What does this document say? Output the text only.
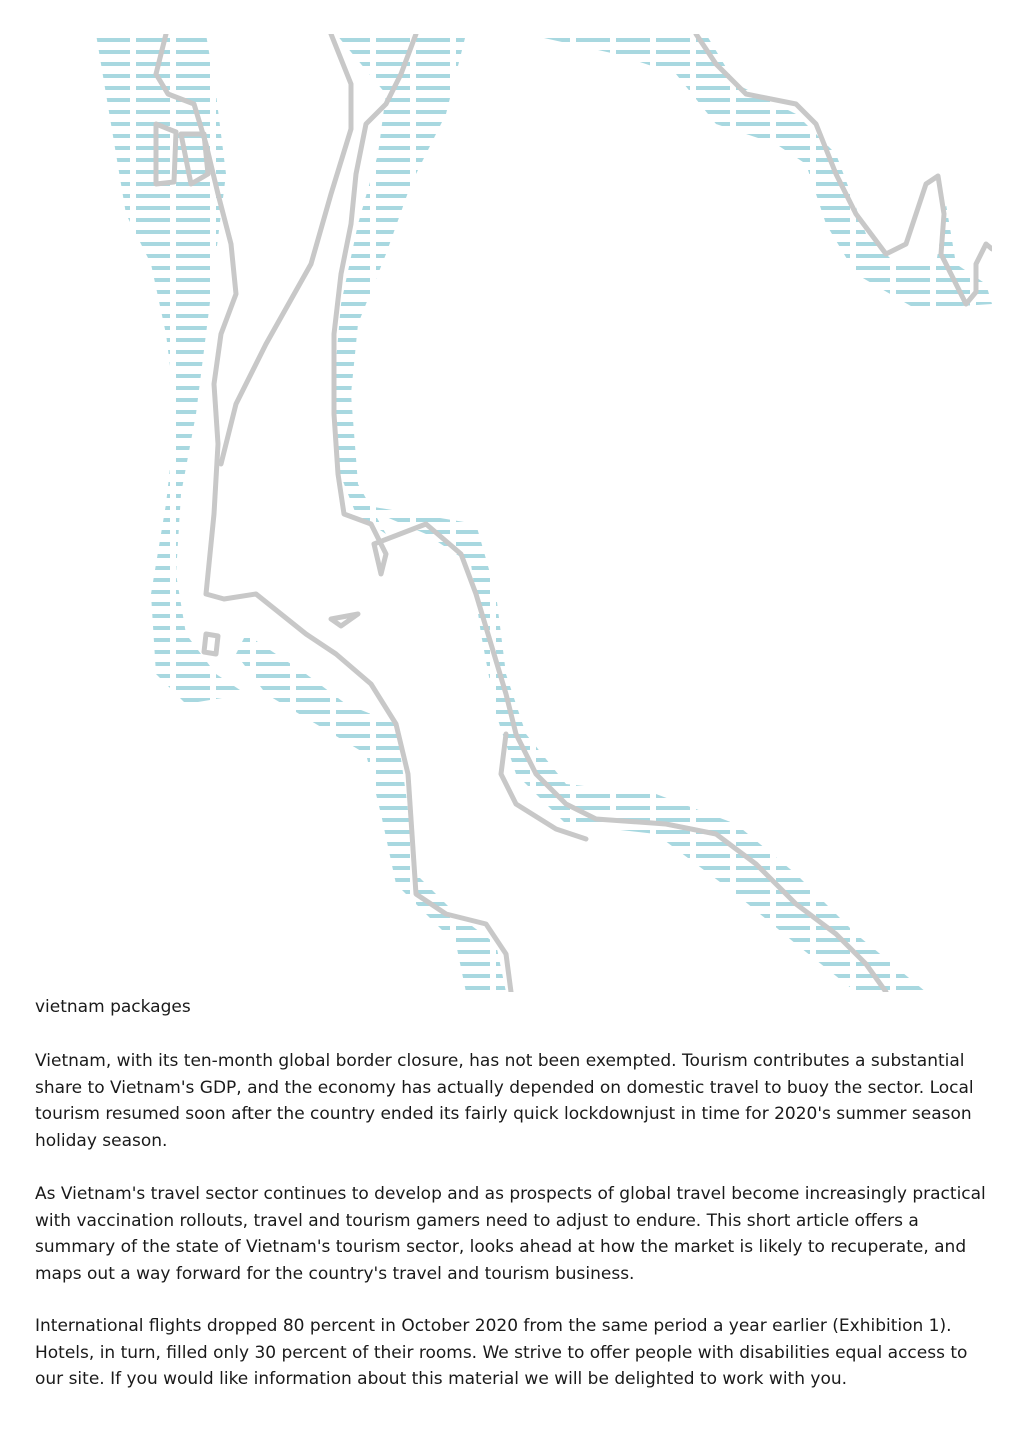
vietnam packages

Vietnam, with its ten-month global border closure, has not been exempted. Tourism contributes a substantial share to Vietnam's GDP, and the economy has actually depended on domestic travel to buoy the sector. Local tourism resumed soon after the country ended its fairly quick lockdownjust in time for 2020's summer season holiday season.

As Vietnam's travel sector continues to develop and as prospects of global travel become increasingly practical with vaccination rollouts, travel and tourism gamers need to adjust to endure. This short article offers a summary of the state of Vietnam's tourism sector, looks ahead at how the market is likely to recuperate, and maps out a way forward for the country's travel and tourism business.

International flights dropped 80 percent in October 2020 from the same period a year earlier (Exhibition 1). Hotels, in turn, filled only 30 percent of their rooms. We strive to offer people with disabilities equal access to our site. If you would like information about this material we will be delighted to work with you.
